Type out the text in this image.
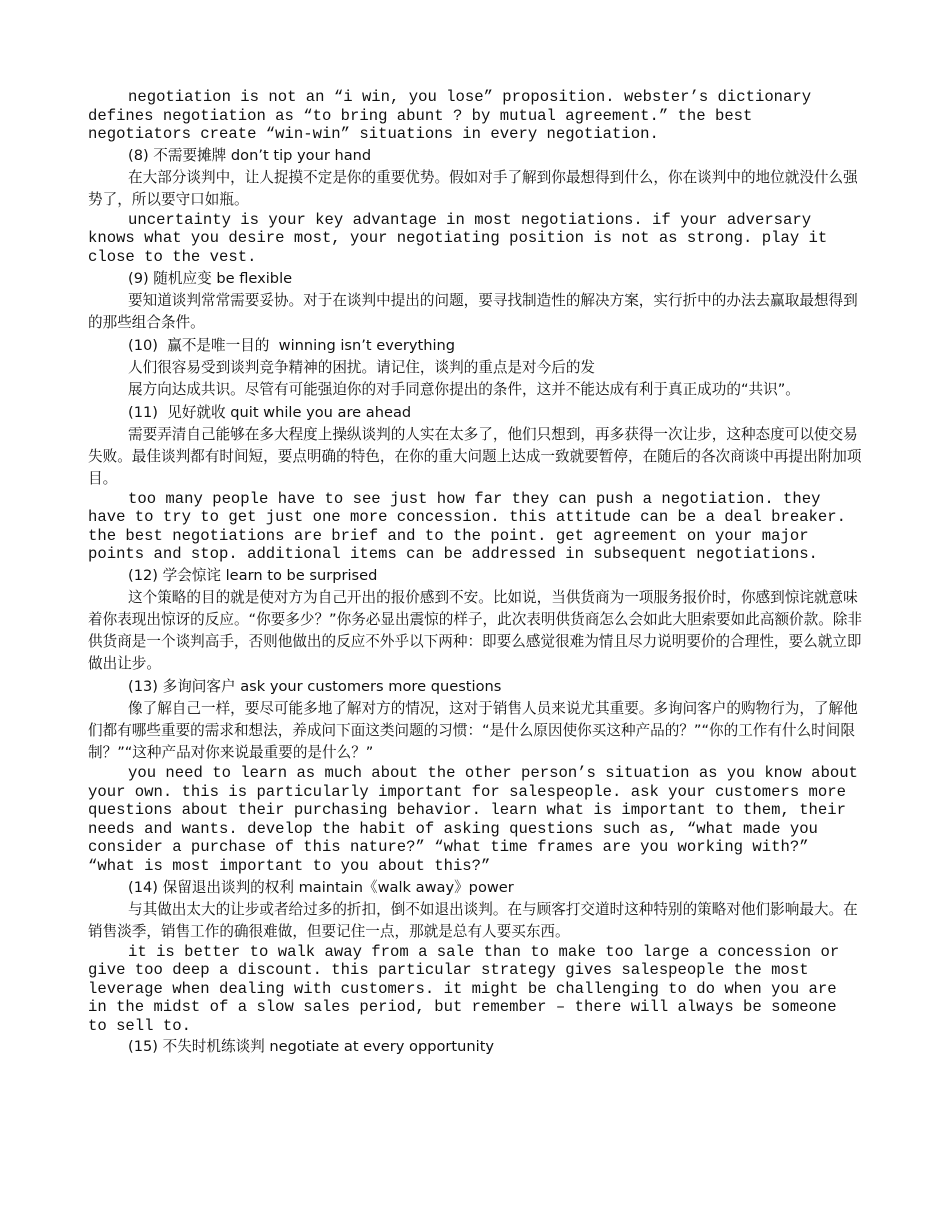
negotiation is not an “i win, you lose” proposition. webster’s dictionary defines negotiation as “to bring abunt ? by mutual agreement.” the best negotiators create “win-win” situations in every negotiation.

(8) 不需要摊牌 don’t tip your hand

在大部分谈判中，让人捉摸不定是你的重要优势。假如对手了解到你最想得到什么，你在谈判中的地位就没什么强势了，所以要守口如瓶。

uncertainty is your key advantage in most negotiations. if your adversary knows what you desire most, your negotiating position is not as strong. play it close to the vest.

(9) 随机应变 be flexible

要知道谈判常常需要妥协。对于在谈判中提出的问题，要寻找制造性的解决方案，实行折中的办法去赢取最想得到的那些组合条件。

(10)  赢不是唯一目的  winning isn’t everything

人们很容易受到谈判竞争精神的困扰。请记住，谈判的重点是对今后的发

展方向达成共识。尽管有可能强迫你的对手同意你提出的条件，这并不能达成有利于真正成功的“共识”。

(11)  见好就收 quit while you are ahead

需要弄清自己能够在多大程度上操纵谈判的人实在太多了，他们只想到，再多获得一次让步，这种态度可以使交易失败。最佳谈判都有时间短，要点明确的特色，在你的重大问题上达成一致就要暂停，在随后的各次商谈中再提出附加项目。

too many people have to see just how far they can push a negotiation. they have to try to get just one more concession. this attitude can be a deal breaker. the best negotiations are brief and to the point. get agreement on your major points and stop. additional items can be addressed in subsequent negotiations.

(12) 学会惊诧 learn to be surprised

这个策略的目的就是使对方为自己开出的报价感到不安。比如说，当供货商为一项服务报价时，你感到惊诧就意味着你表现出惊讶的反应。“你要多少？”你务必显出震惊的样子，此次表明供货商怎么会如此大胆索要如此高额价款。除非供货商是一个谈判高手，否则他做出的反应不外乎以下两种：即要么感觉很难为情且尽力说明要价的合理性，要么就立即做出让步。

(13) 多询问客户 ask your customers more questions

像了解自己一样，要尽可能多地了解对方的情况，这对于销售人员来说尤其重要。多询问客户的购物行为，了解他们都有哪些重要的需求和想法，养成问下面这类问题的习惯：“是什么原因使你买这种产品的？”“你的工作有什么时间限制？”“这种产品对你来说最重要的是什么？”

you need to learn as much about the other person’s situation as you know about your own. this is particularly important for salespeople. ask your customers more questions about their purchasing behavior. learn what is important to them, their needs and wants. develop the habit of asking questions such as, “what made you consider a purchase of this nature?” “what time frames are you working with?” “what is most important to you about this?”

(14) 保留退出谈判的权利 maintain《walk away》power

与其做出太大的让步或者给过多的折扣，倒不如退出谈判。在与顾客打交道时这种特别的策略对他们影响最大。在销售淡季，销售工作的确很难做，但要记住一点，那就是总有人要买东西。

it is better to walk away from a sale than to make too large a concession or give too deep a discount. this particular strategy gives salespeople the most leverage when dealing with customers. it might be challenging to do when you are in the midst of a slow sales period, but remember – there will always be someone to sell to.

(15) 不失时机练谈判 negotiate at every opportunity
